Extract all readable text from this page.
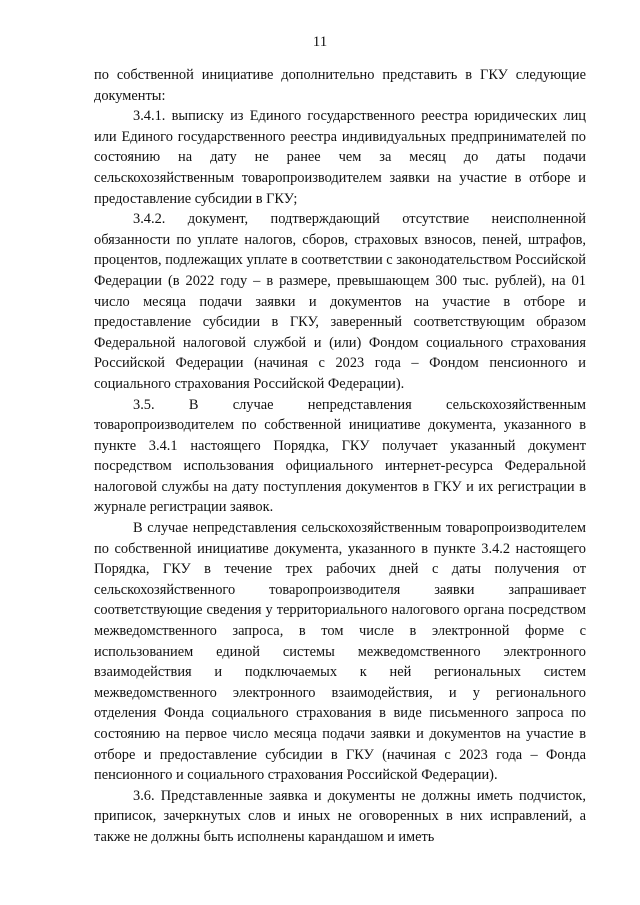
11

по собственной инициативе дополнительно представить в ГКУ следующие документы:

3.4.1. выписку из Единого государственного реестра юридических лиц или Единого государственного реестра индивидуальных предпринимателей по состоянию на дату не ранее чем за месяц до даты подачи сельскохозяйственным товаропроизводителем заявки на участие в отборе и предоставление субсидии в ГКУ;

3.4.2. документ, подтверждающий отсутствие неисполненной обязанности по уплате налогов, сборов, страховых взносов, пеней, штрафов, процентов, подлежащих уплате в соответствии с законодательством Российской Федерации (в 2022 году – в размере, превышающем 300 тыс. рублей), на 01 число месяца подачи заявки и документов на участие в отборе и предоставление субсидии в ГКУ, заверенный соответствующим образом Федеральной налоговой службой и (или) Фондом социального страхования Российской Федерации (начиная с 2023 года – Фондом пенсионного и социального страхования Российской Федерации).

3.5. В случае непредставления сельскохозяйственным товаропроизводителем по собственной инициативе документа, указанного в пункте 3.4.1 настоящего Порядка, ГКУ получает указанный документ посредством использования официального интернет-ресурса Федеральной налоговой службы на дату поступления документов в ГКУ и их регистрации в журнале регистрации заявок.

В случае непредставления сельскохозяйственным товаропроизводителем по собственной инициативе документа, указанного в пункте 3.4.2 настоящего Порядка, ГКУ в течение трех рабочих дней с даты получения от сельскохозяйственного товаропроизводителя заявки запрашивает соответствующие сведения у территориального налогового органа посредством межведомственного запроса, в том числе в электронной форме с использованием единой системы межведомственного электронного взаимодействия и подключаемых к ней региональных систем межведомственного электронного взаимодействия, и у регионального отделения Фонда социального страхования в виде письменного запроса по состоянию на первое число месяца подачи заявки и документов на участие в отборе и предоставление субсидии в ГКУ (начиная с 2023 года – Фонда пенсионного и социального страхования Российской Федерации).

3.6. Представленные заявка и документы не должны иметь подчисток, приписок, зачеркнутых слов и иных не оговоренных в них исправлений, а также не должны быть исполнены карандашом и иметь
